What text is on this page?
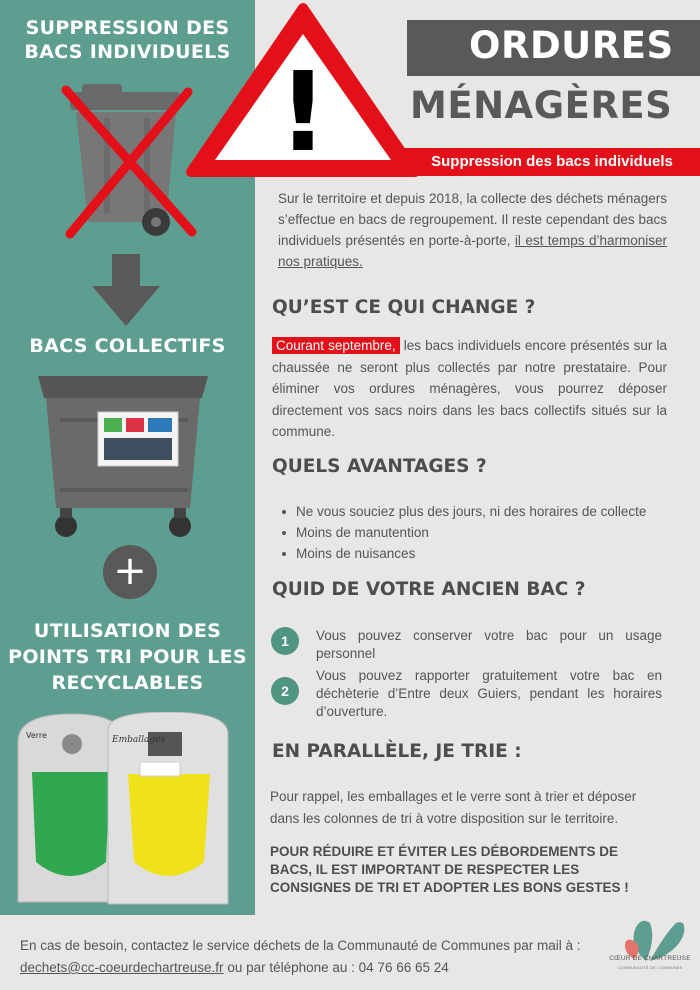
SUPPRESSION DES BACS INDIVIDUELS
BACS COLLECTIFS
+
UTILISATION DES POINTS TRI POUR LES RECYCLABLES
Verre	Emballages
!
ORDURES
MÉNAGÈRES
Suppression des bacs individuels

Sur le territoire et depuis 2018, la collecte des déchets ménagers s’effectue en bacs de regroupement. Il reste cependant des bacs individuels présentés en porte-à-porte, il est temps d’harmoniser nos pratiques.

QU’EST CE QUI CHANGE ?

Courant septembre, les bacs individuels encore présentés sur la chaussée ne seront plus collectés par notre prestataire. Pour éliminer vos ordures ménagères, vous pourrez déposer directement vos sacs noirs dans les bacs collectifs situés sur la commune.

QUELS AVANTAGES ?
Ne vous souciez plus des jours, ni des horaires de collecte
Moins de manutention
Moins de nuisances
QUID DE VOTRE ANCIEN BAC ?
1	Vous pouvez conserver votre bac pour un usage personnel

2

Vous pouvez rapporter gratuitement votre bac en déchèterie d’Entre deux Guiers, pendant les horaires d’ouverture.

EN PARALLÈLE, JE TRIE :

Pour rappel, les emballages et le verre sont à trier et déposer dans les colonnes de tri à votre disposition sur le territoire.

POUR RÉDUIRE ET ÉVITER LES DÉBORDEMENTS DE BACS, IL EST IMPORTANT DE RESPECTER LES CONSIGNES DE TRI ET ADOPTER LES BONS GESTES !

En cas de besoin, contactez le service déchets de la Communauté de Communes par mail à : dechets@cc-coeurdechartreuse.fr ou par téléphone au : 04 76 66 65 24

CŒUR DE CHARTREUSE
COMMUNAUTÉ DE COMMUNES
